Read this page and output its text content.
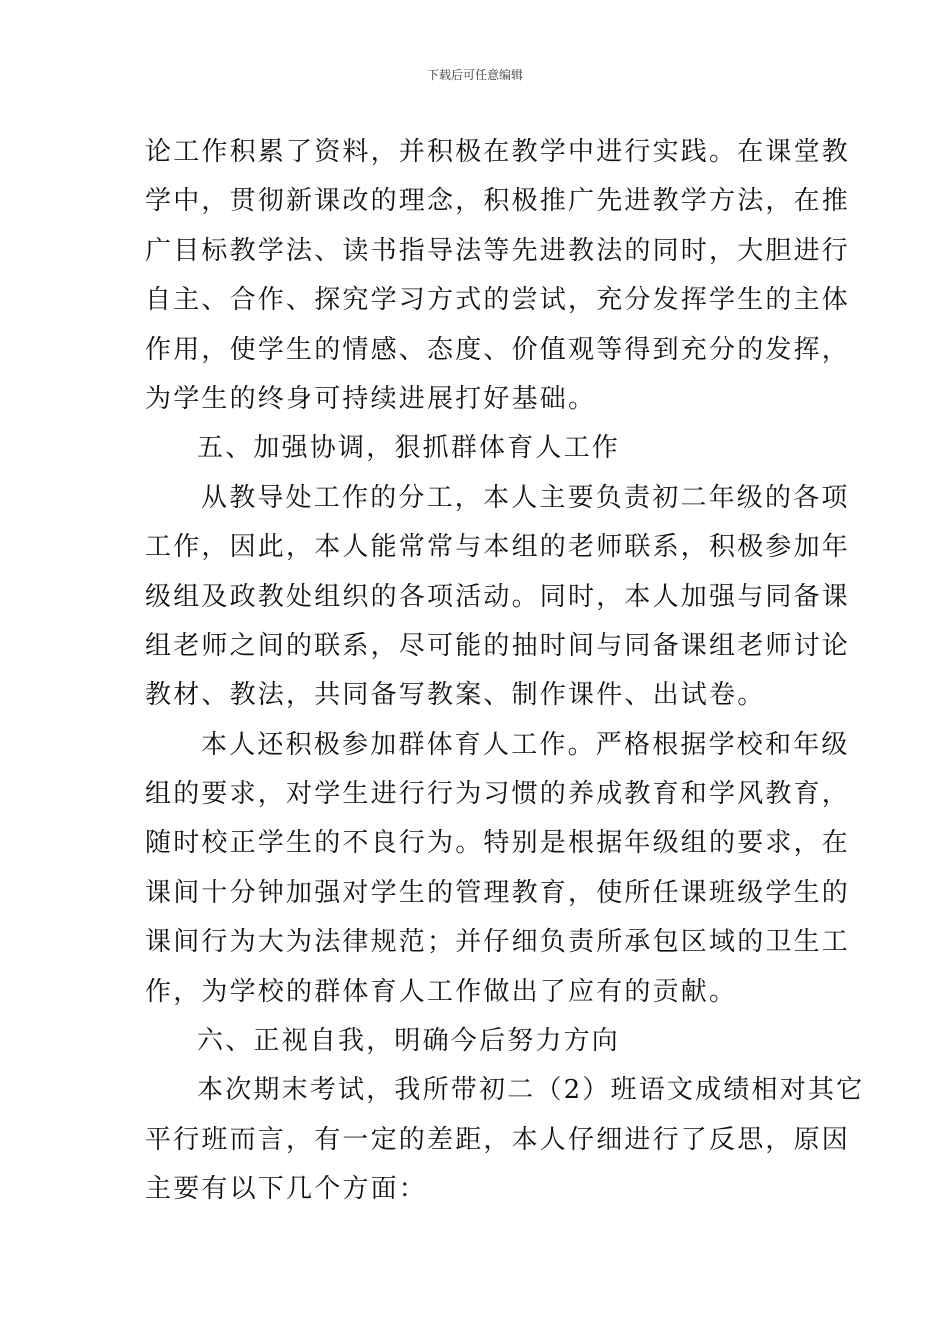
下载后可任意编辑
论工作积累了资料，并积极在教学中进行实践。在课堂教
学中，贯彻新课改的理念，积极推广先进教学方法，在推
广目标教学法、读书指导法等先进教法的同时，大胆进行
自主、合作、探究学习方式的尝试，充分发挥学生的主体
作用，使学生的情感、态度、价值观等得到充分的发挥，
为学生的终身可持续进展打好基础。
五、加强协调，狠抓群体育人工作
从教导处工作的分工，本人主要负责初二年级的各项
工作，因此，本人能常常与本组的老师联系，积极参加年
级组及政教处组织的各项活动。同时，本人加强与同备课
组老师之间的联系，尽可能的抽时间与同备课组老师讨论
教材、教法，共同备写教案、制作课件、出试卷。
本人还积极参加群体育人工作。严格根据学校和年级
组的要求，对学生进行行为习惯的养成教育和学风教育，
随时校正学生的不良行为。特别是根据年级组的要求，在
课间十分钟加强对学生的管理教育，使所任课班级学生的
课间行为大为法律规范；并仔细负责所承包区域的卫生工
作，为学校的群体育人工作做出了应有的贡献。
六、正视自我，明确今后努力方向
本次期末考试，我所带初二（2）班语文成绩相对其它
平行班而言，有一定的差距，本人仔细进行了反思，原因
主要有以下几个方面：
